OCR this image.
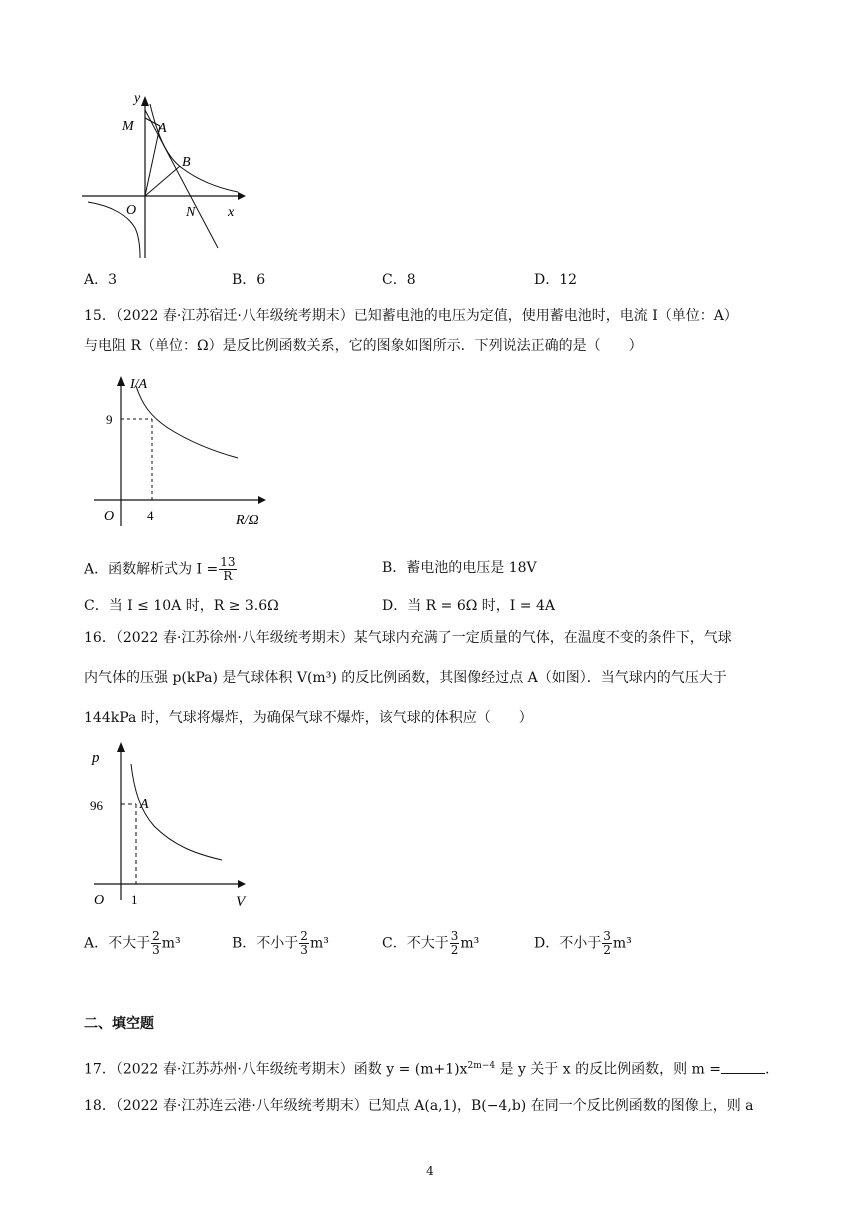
y
M A
B
O	N x
A．3	B．6	C．8	D．12
15．（2022 春·江苏宿迁·八年级统考期末）已知蓄电池的电压为定值，使用蓄电池时，电流 I（单位：A）
与电阻 R（单位：Ω）是反比例函数关系，它的图象如图所示．下列说法正确的是（　　）
I/A
9
O	4	R/Ω
A．函数解析式为 $I = \frac{13}{R}$	B．蓄电池的电压是 18V
C．当 I ≤ 10A 时，R ≥ 3.6Ω	D．当 R = 6Ω 时，I = 4A
16．（2022 春·江苏徐州·八年级统考期末）某气球内充满了一定质量的气体，在温度不变的条件下，气球
内气体的压强 p(kPa) 是气球体积 V(m³) 的反比例函数，其图像经过点 A（如图）．当气球内的气压大于
144kPa 时，气球将爆炸，为确保气球不爆炸，该气球的体积应（　　）
p
96	A
O 1	V
A．不大于 $\frac{2}{3} m^3$	B．不小于 $\frac{2}{3} m^3$	C．不大于 $\frac{3}{2} m^3$	D．不小于 $\frac{3}{2} m^3$
二、填空题
17．（2022 春·江苏苏州·八年级统考期末）函数 $y = (m+1)x^{2m-4}$ 是 y 关于 x 的反比例函数，则 m =	.
18．（2022 春·江苏连云港·八年级统考期末）已知点 A(a,1)，B(−4,b) 在同一个反比例函数的图像上，则 a
4
